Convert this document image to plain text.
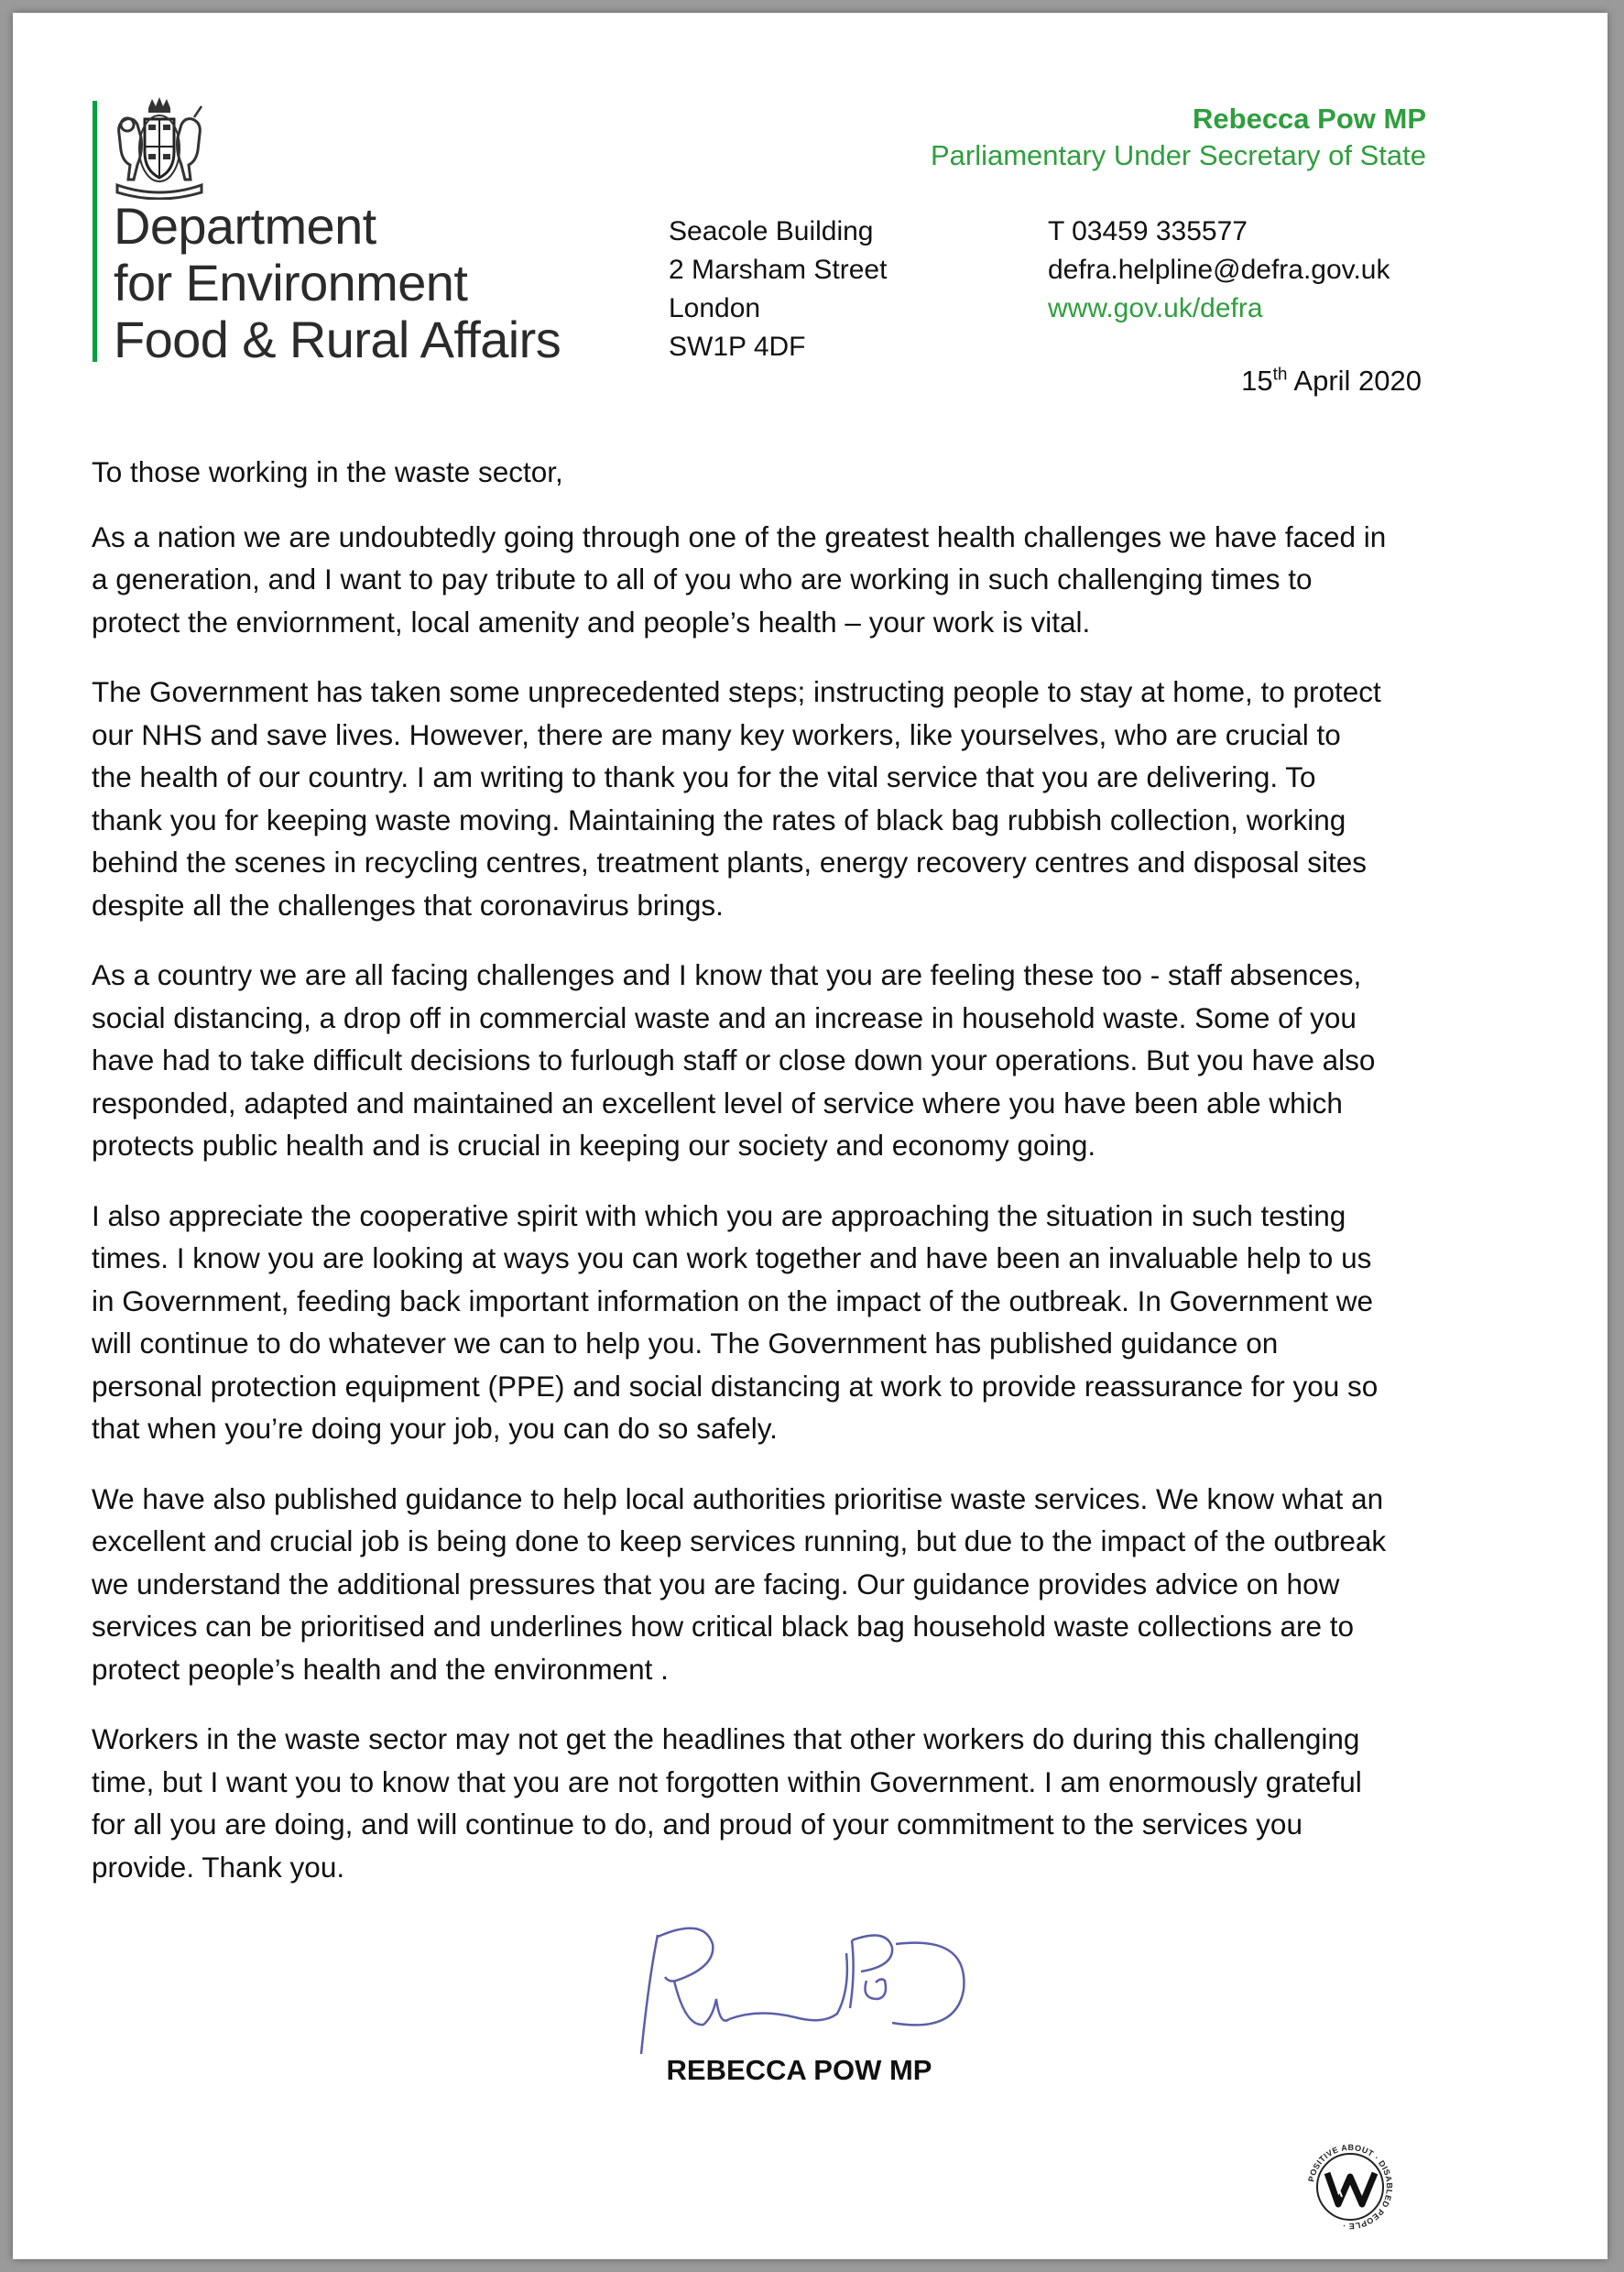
Department
for Environment
Food & Rural Affairs
Rebecca Pow MP
Parliamentary Under Secretary of State
Seacole Building
2 Marsham Street
London
SW1P 4DF
T 03459 335577
defra.helpline@defra.gov.uk
www.gov.uk/defra
15th April 2020

To those working in the waste sector,

As a nation we are undoubtedly going through one of the greatest health challenges we have faced in
a generation, and I want to pay tribute to all of you who are working in such challenging times to
protect the enviornment, local amenity and people’s health – your work is vital.

The Government has taken some unprecedented steps; instructing people to stay at home, to protect
our NHS and save lives. However, there are many key workers, like yourselves, who are crucial to
the health of our country. I am writing to thank you for the vital service that you are delivering. To
thank you for keeping waste moving. Maintaining the rates of black bag rubbish collection, working
behind the scenes in recycling centres, treatment plants, energy recovery centres and disposal sites
despite all the challenges that coronavirus brings.

As a country we are all facing challenges and I know that you are feeling these too - staff absences,
social distancing, a drop off in commercial waste and an increase in household waste. Some of you
have had to take difficult decisions to furlough staff or close down your operations. But you have also
responded, adapted and maintained an excellent level of service where you have been able which
protects public health and is crucial in keeping our society and economy going.

I also appreciate the cooperative spirit with which you are approaching the situation in such testing
times. I know you are looking at ways you can work together and have been an invaluable help to us
in Government, feeding back important information on the impact of the outbreak. In Government we
will continue to do whatever we can to help you. The Government has published guidance on
personal protection equipment (PPE) and social distancing at work to provide reassurance for you so
that when you’re doing your job, you can do so safely.

We have also published guidance to help local authorities prioritise waste services. We know what an
excellent and crucial job is being done to keep services running, but due to the impact of the outbreak
we understand the additional pressures that you are facing. Our guidance provides advice on how
services can be prioritised and underlines how critical black bag household waste collections are to
protect people’s health and the environment .

Workers in the waste sector may not get the headlines that other workers do during this challenging
time, but I want you to know that you are not forgotten within Government. I am enormously grateful
for all you are doing, and will continue to do, and proud of your commitment to the services you
provide. Thank you.

REBECCA POW MP
POSITIVE ABOUT · DISABLED PEOPLE ·
